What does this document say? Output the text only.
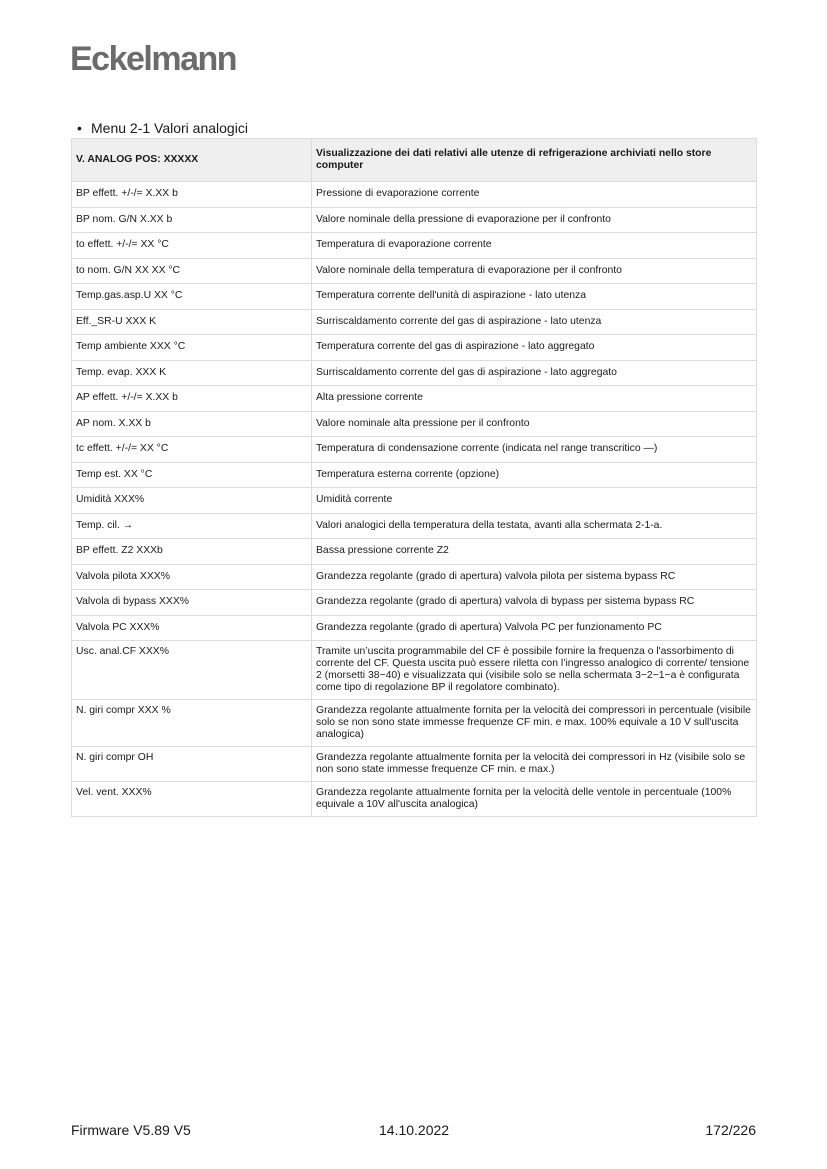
Eckelmann
• Menu 2-1 Valori analogici
V. ANALOG POS: XXXXX	Visualizzazione dei dati relativi alle utenze di refrigerazione archiviati nello store computer
BP effett. +/-/= X.XX b	Pressione di evaporazione corrente
BP nom. G/N X.XX b	Valore nominale della pressione di evaporazione per il confronto
to effett. +/-/= XX °C	Temperatura di evaporazione corrente
to nom. G/N XX XX °C	Valore nominale della temperatura di evaporazione per il confronto
Temp.gas.asp.U XX °C	Temperatura corrente dell'unità di aspirazione - lato utenza
Eff._SR-U XXX K	Surriscaldamento corrente del gas di aspirazione - lato utenza
Temp ambiente XXX °C	Temperatura corrente del gas di aspirazione - lato aggregato
Temp. evap. XXX K	Surriscaldamento corrente del gas di aspirazione - lato aggregato
AP effett. +/-/= X.XX b	Alta pressione corrente
AP nom. X.XX b	Valore nominale alta pressione per il confronto
tc effett. +/-/= XX °C	Temperatura di condensazione corrente (indicata nel range transcritico —)
Temp est. XX °C	Temperatura esterna corrente (opzione)
Umidità XXX%	Umidità corrente
Temp. cil. →	Valori analogici della temperatura della testata, avanti alla schermata 2-1-a.
BP effett. Z2 XXXb	Bassa pressione corrente Z2
Valvola pilota XXX%	Grandezza regolante (grado di apertura) valvola pilota per sistema bypass RC
Valvola di bypass XXX%	Grandezza regolante (grado di apertura) valvola di bypass per sistema bypass RC
Valvola PC XXX%	Grandezza regolante (grado di apertura) Valvola PC per funzionamento PC
Usc. anal.CF XXX%	Tramite un’uscita programmabile del CF è possibile fornire la frequenza o l'assorbimento di corrente del CF. Questa uscita può essere riletta con l’ingresso analogico di corrente/ tensione 2 (morsetti 38−40) e visualizzata qui (visibile solo se nella schermata 3−2−1−a è configurata come tipo di regolazione BP il regolatore combinato).
N. giri compr XXX %	Grandezza regolante attualmente fornita per la velocità dei compressori in percentuale (visibile solo se non sono state immesse frequenze CF min. e max. 100% equivale a 10 V sull'uscita analogica)
N. giri compr OH	Grandezza regolante attualmente fornita per la velocità dei compressori in Hz (visibile solo se non sono state immesse frequenze CF min. e max.)
Vel. vent. XXX%	Grandezza regolante attualmente fornita per la velocità delle ventole in percentuale (100% equivale a 10V all'uscita analogica)
Firmware V5.89 V5	14.10.2022	172/226
